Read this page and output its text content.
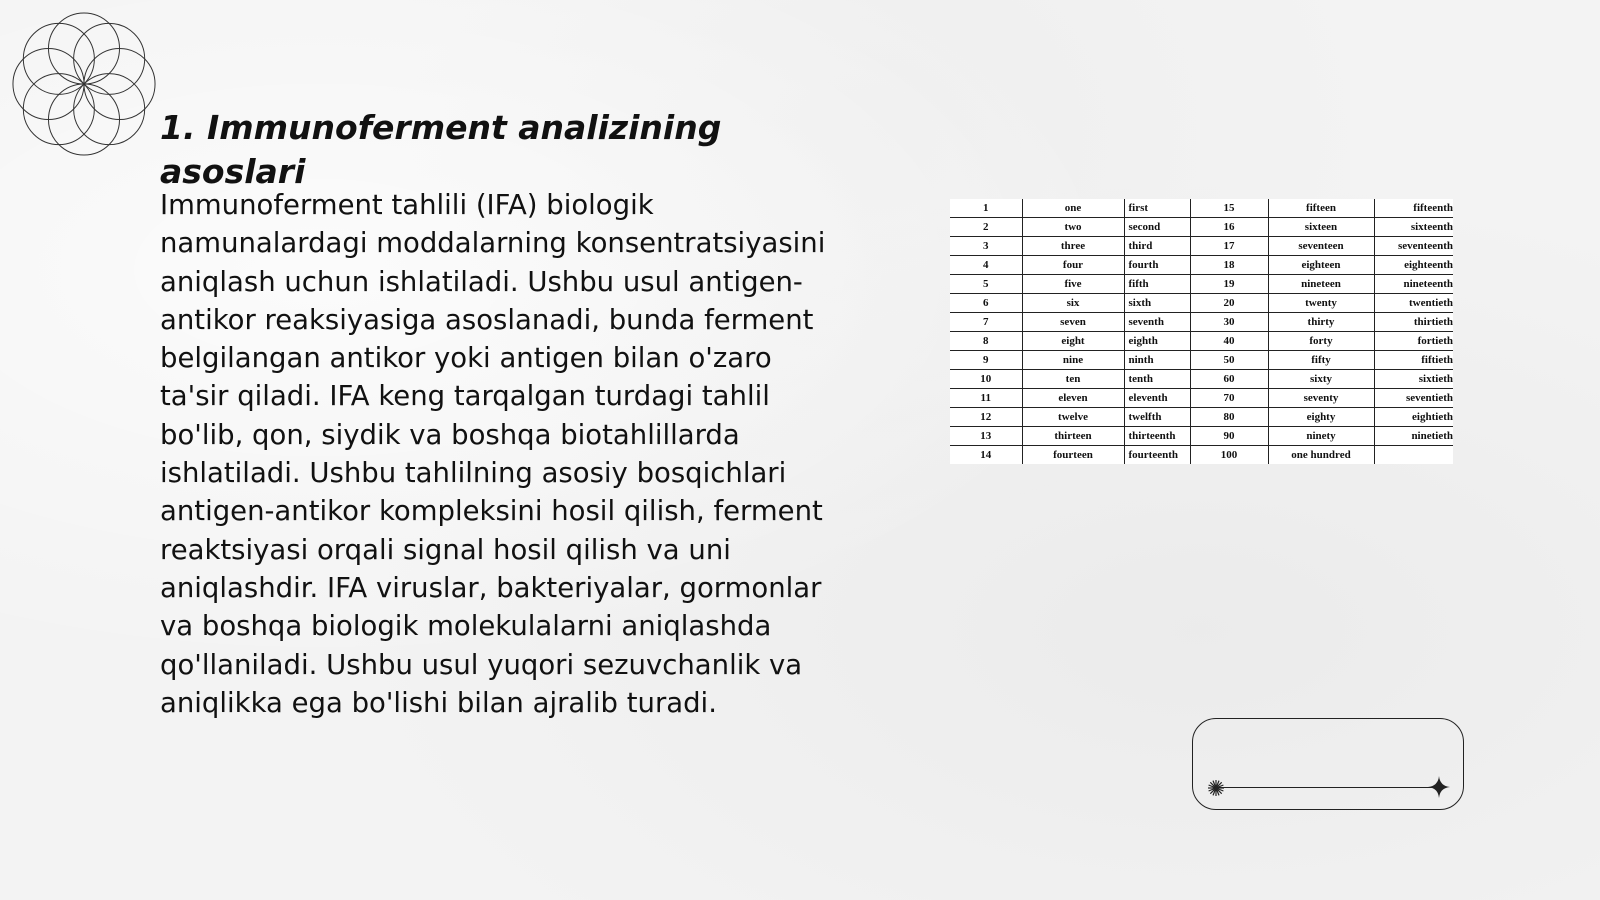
1. Immunoferment analizining asoslari

Immunoferment tahlili (IFA) biologik namunalardagi moddalarning konsentratsiyasini aniqlash uchun ishlatiladi. Ushbu usul antigen-antikor reaksiyasiga asoslanadi, bunda ferment belgilangan antikor yoki antigen bilan o'zaro ta'sir qiladi. IFA keng tarqalgan turdagi tahlil bo'lib, qon, siydik va boshqa biotahlillarda ishlatiladi. Ushbu tahlilning asosiy bosqichlari antigen-antikor kompleksini hosil qilish, ferment reaktsiyasi orqali signal hosil qilish va uni aniqlashdir. IFA viruslar, bakteriyalar, gormonlar va boshqa biologik molekulalarni aniqlashda qo'llaniladi. Ushbu usul yuqori sezuvchanlik va aniqlikka ega bo'lishi bilan ajralib turadi.

1	one	first	15	fifteen	fifteenth
2	two	second	16	sixteen	sixteenth
3	three	third	17	seventeen	seventeenth
4	four	fourth	18	eighteen	eighteenth
5	five	fifth	19	nineteen	nineteenth
6	six	sixth	20	twenty	twentieth
7	seven	seventh	30	thirty	thirtieth
8	eight	eighth	40	forty	fortieth
9	nine	ninth	50	fifty	fiftieth
10	ten	tenth	60	sixty	sixtieth
11	eleven	eleventh	70	seventy	seventieth
12	twelve	twelfth	80	eighty	eightieth
13	thirteen	thirteenth	90	ninety	ninetieth
14	fourteen	fourteenth	100	one hundred	
